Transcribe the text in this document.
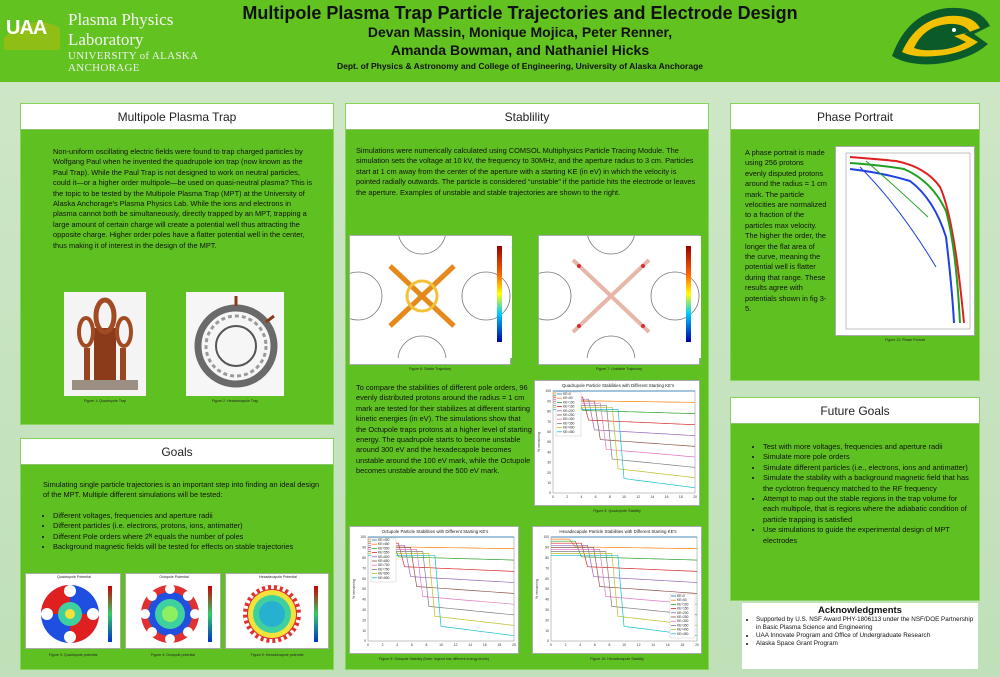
UAA Plasma Physics
Laboratory
UNIVERSITY of ALASKA ANCHORAGE
Multipole Plasma Trap Particle Trajectories and Electrode Design
Devan Massin, Monique Mojica, Peter Renner,
Amanda Bowman, and Nathaniel Hicks
Dept. of Physics & Astronomy and College of Engineering, University of Alaska Anchorage
Multipole Plasma Trap
Non-uniform oscillating electric fields were found to trap charged particles by Wolfgang Paul when he invented the quadrupole ion trap (now known as the Paul Trap). While the Paul Trap is not designed to work on neutral particles, could it—or a higher order multipole—be used on quasi-neutral plasma? This is the topic to be tested by the Multipole Plasma Trap (MPT) at the University of Alaska Anchorage's Plasma Physics Lab. While the ions and electrons in plasma cannot both be simultaneously, directly trapped by an MPT, trapping a large amount of certain charge will create a potential well thus attracting the opposite charge. Higher order poles have a flatter potential well in the center, thus making it of interest in the design of the MPT.
Figure 1: Quadrupole Trap	Figure 2: Hexadecapole Trap
Goals
Simulating single particle trajectories is an important step into finding an ideal design of the MPT. Multiple different simulations will be tested:
• Different voltages, frequencies and aperture radii
• Different particles (i.e. electrons, protons, ions, antimatter)
• Different Pole orders where 2ᴺ equals the number of poles
• Background magnetic fields will be tested for effects on stable trajectories
Quadrupole Potential	Octupole Potential	Hexadecapole Potential
Figure 3: Quadrupole potential	Figure 4: Octupole potential	Figure 5: Hexadecapole potential
Stablility
Simulations were numerically calculated using COMSOL Multiphysics Particle Tracing Module. The simulation sets the voltage at 10 kV, the frequency to 30MHz, and the aperture radius to 3 cm. Particles start at 1 cm away from the center of the aperture with a starting KE (in eV) in which the velocity is pointed radially outwards. The particle is considered “unstable” if the particle hits the electrode or leaves the aperture. Examples of unstable and stable trajectories are shown to the right.
Figure 6: Stable Trajectory	Figure 7: Unstable Trajectory
To compare the stabilities of different pole orders, 96 evenly distributed protons around the radius = 1 cm mark are tested for their stabilizes at different starting kinetic energies (in eV). The simulations show that the Octupole traps protons at a higher level of starting energy. The quadrupole starts to become unstable around 300 eV and the hexadecapole becomes unstable around the 100 eV mark, while the Octupole becomes unstable around the 500 eV mark.
Quadrupole Particle Stabilities with Different Starting KE's
0
10
20
30
40
50
60
70
80
90
100
0	2	4	6	8	10	12	14	16	18	20
% remaining
KE=0
KE=50
KE=100
KE=150
KE=200
KE=250
KE=300
KE=350
KE=400
KE=450
Figure 8: Quadrupole Stability
Octupole Particle Stabilities with Different Starting KE's
0
10
20
30
40
50
60
70
80
90
100
0	2	4	6	8	10	12	14	16	18	20
% remaining
KE=400
KE=450
KE=500
KE=550
KE=600
KE=650
KE=700
KE=750
KE=800
KE=850
Figure 9: Octupole Stability (Note: legend has different energy levels)
Hexadecapole Particle Stabilities with Different Starting KE's
0
10
20
30
40
50
60
70
80
90
100
0	2	4	6	8	10	12	14	16	18	20
% remaining	KE=0
KE=50
KE=100
KE=150
KE=200
KE=250
KE=300
KE=350
KE=400
KE=450
Figure 10: Hexadecapole Stability
Phase Portrait
A phase portrait is made using 256 protons evenly disputed protons around the radius = 1 cm mark. The particle velocities are normalized to a fraction of the particles max velocity. The higher the order, the longer the flat area of the curve, meaning the potential well is flatter during that range. These results agree with potentials shown in fig 3-5.
Figure 11: Phase Portrait
Future Goals
• Test with more voltages, frequencies and aperture radii
• Simulate more pole orders
• Simulate different particles (i.e., electrons, ions and antimatter)
• Simulate the stability with a background magnetic field that has the cyclotron frequency matched to the RF frequency
• Attempt to map out the stable regions in the trap volume for each multipole, that is regions where the adiabatic condition of particle trapping is satisfied
• Use simulations to guide the experimental design of MPT electrodes
Acknowledgments
• Supported by U.S. NSF Award PHY-1806113 under the NSF/DOE Partnership in Basic Plasma Science and Engineering
• UAA Innovate Program and Office of Undergraduate Research
• Alaska Space Grant Program
